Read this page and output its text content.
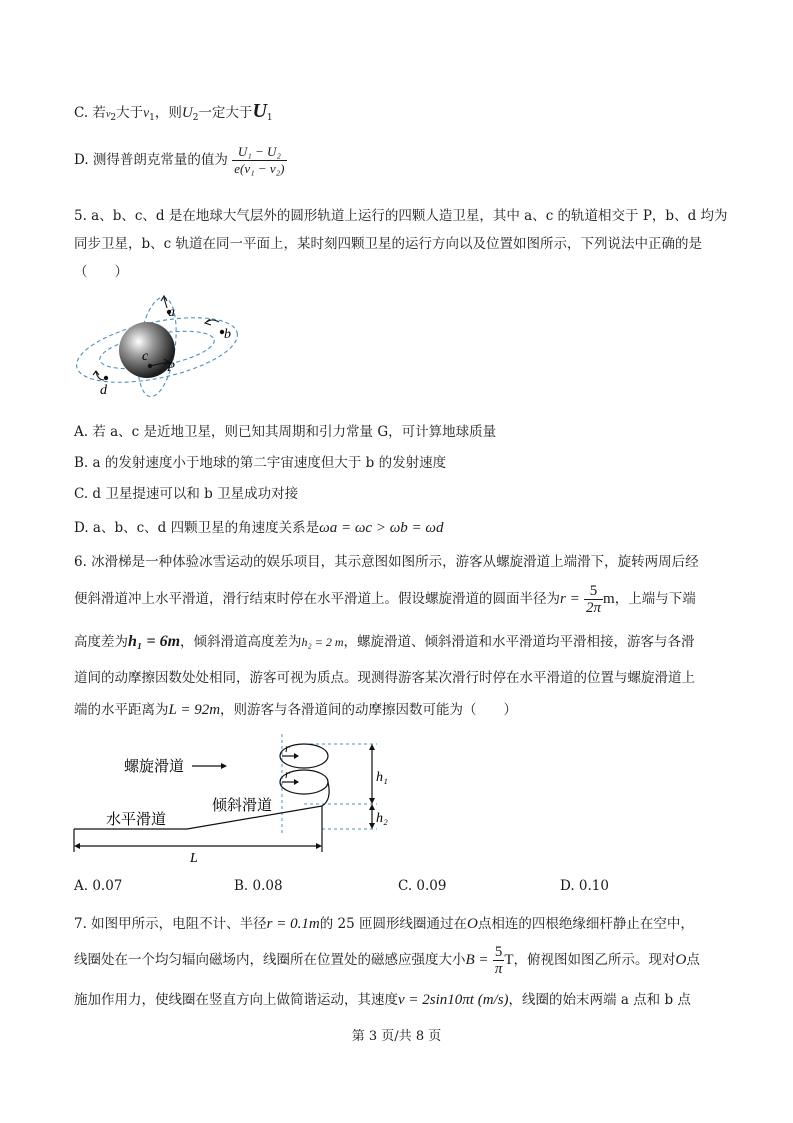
C. 若$v_2$大于$v_1$，则$U_2$一定大于$U_1$
D. 测得普朗克常量的值为 $\frac{\text{U₁ − U₂}}{\text{e(v₁ − v₂)}}$
5. a、b、c、d 是在地球大气层外的圆形轨道上运行的四颗人造卫星，其中 a、c 的轨道相交于 P，b、d 均为
同步卫星，b、c 轨道在同一平面上，某时刻四颗卫星的运行方向以及位置如图所示，下列说法中正确的是
（　　）
a
b
c
d
P
A. 若 a、c 是近地卫星，则已知其周期和引力常量 G，可计算地球质量
B. a 的发射速度小于地球的第二宇宙速度但大于 b 的发射速度
C. d 卫星提速可以和 b 卫星成功对接
D. a、b、c、d 四颗卫星的角速度关系是ωa = ωc > ωb = ωd
6. 冰滑梯是一种体验冰雪运动的娱乐项目，其示意图如图所示，游客从螺旋滑道上端滑下，旋转两周后经
便斜滑道冲上水平滑道，滑行结束时停在水平滑道上。假设螺旋滑道的圆面半径为$r = \frac{5}{2\pi}$ m，上端与下端
高度差为h₁ = 6m，倾斜滑道高度差为h₂ = 2 m，螺旋滑道、倾斜滑道和水平滑道均平滑相接，游客与各滑
道间的动摩擦因数处处相同，游客可视为质点。现测得游客某次滑行时停在水平滑道的位置与螺旋滑道上
端的水平距离为L = 92m，则游客与各滑道间的动摩擦因数可能为（　　）
螺旋滑道
倾斜滑道
水平滑道
r
r	h₁
h₂
L
A. 0.07	B. 0.08	C. 0.09	D. 0.10
7. 如图甲所示，电阻不计、半径r = 0.1m的 25 匝圆形线圈通过在O点相连的四根绝缘细杆静止在空中，
线圈处在一个均匀辐向磁场内，线圈所在位置处的磁感应强度大小$B = \frac{5}{\pi}$ T，俯视图如图乙所示。现对O点
施加作用力，使线圈在竖直方向上做简谐运动，其速度v = 2sin10πt (m/s)，线圈的始末两端 a 点和 b 点
第 3 页/共 8 页
